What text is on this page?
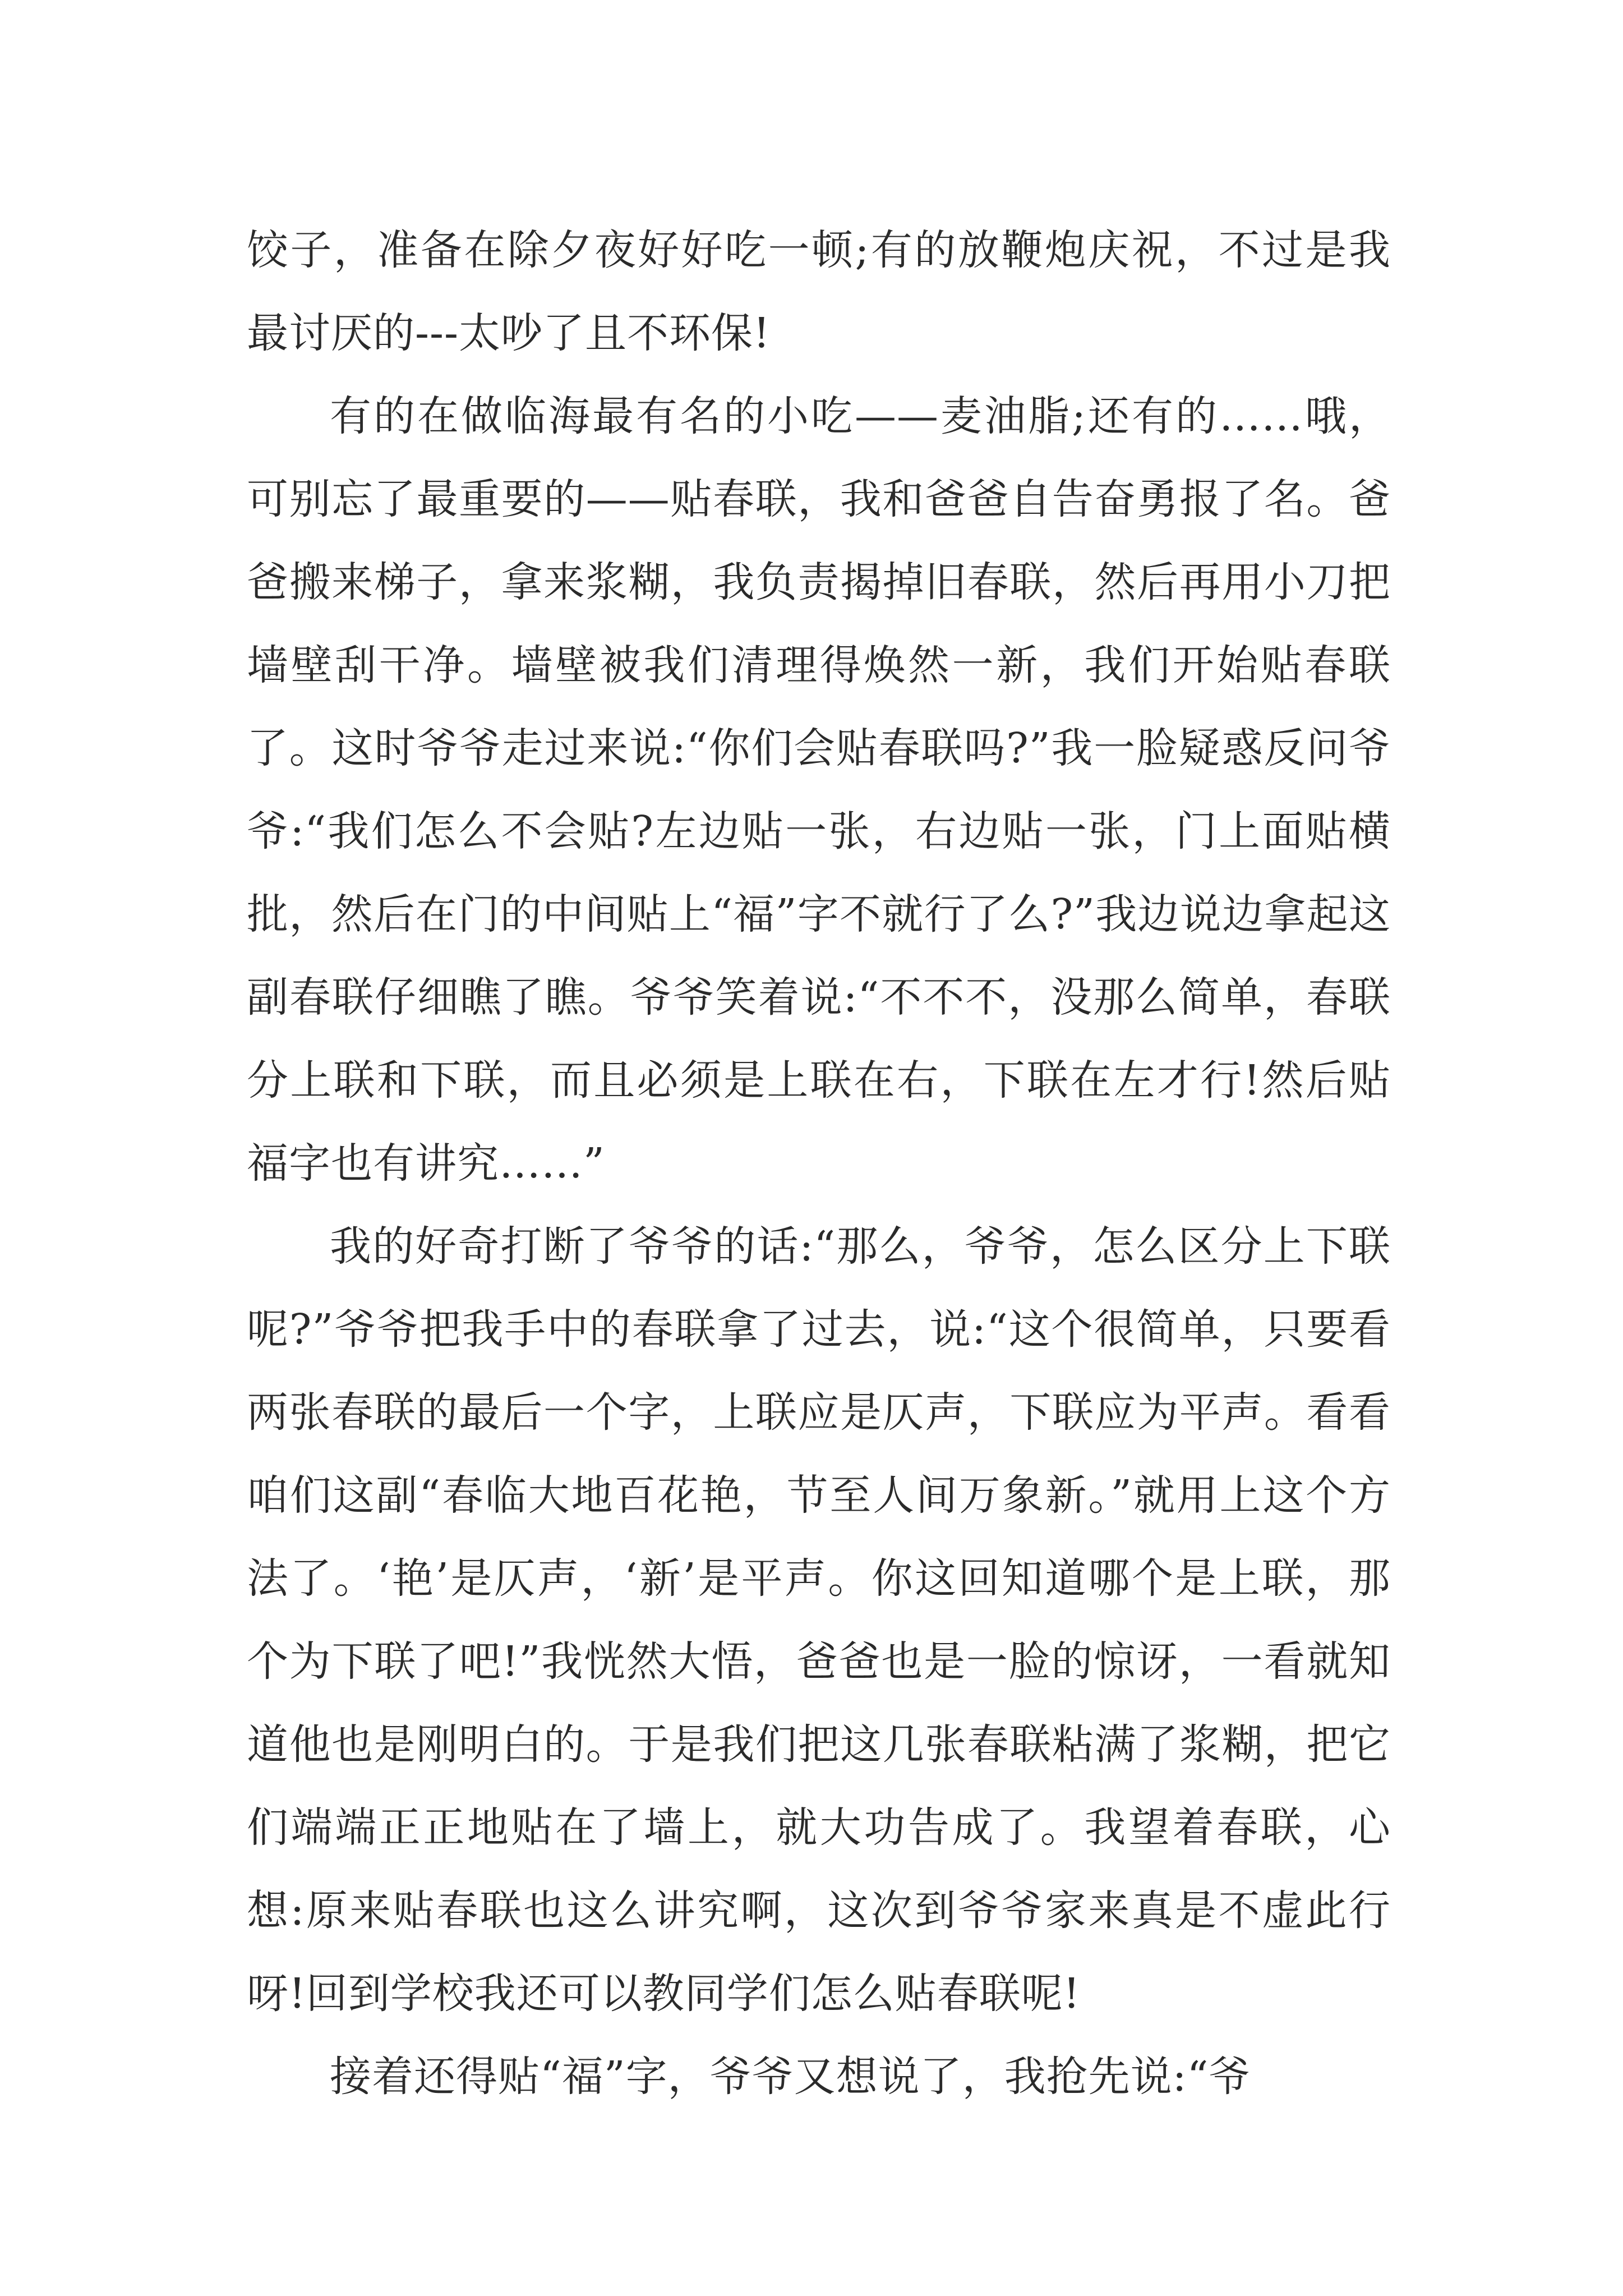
饺子，准备在除夕夜好好吃一顿;有的放鞭炮庆祝，不过是我最讨厌的---太吵了且不环保!

有的在做临海最有名的小吃——麦油脂;还有的……哦，可别忘了最重要的——贴春联，我和爸爸自告奋勇报了名。爸爸搬来梯子，拿来浆糊，我负责揭掉旧春联，然后再用小刀把墙壁刮干净。墙壁被我们清理得焕然一新，我们开始贴春联了。这时爷爷走过来说:“你们会贴春联吗?”我一脸疑惑反问爷爷:“我们怎么不会贴?左边贴一张，右边贴一张，门上面贴横批，然后在门的中间贴上“福”字不就行了么?”我边说边拿起这副春联仔细瞧了瞧。爷爷笑着说:“不不不，没那么简单，春联分上联和下联，而且必须是上联在右，下联在左才行!然后贴福字也有讲究……”

我的好奇打断了爷爷的话:“那么，爷爷，怎么区分上下联呢?”爷爷把我手中的春联拿了过去，说:“这个很简单，只要看两张春联的最后一个字，上联应是仄声，下联应为平声。看看咱们这副“春临大地百花艳，节至人间万象新。”就用上这个方法了。‘艳’是仄声，‘新’是平声。你这回知道哪个是上联，那个为下联了吧!”我恍然大悟，爸爸也是一脸的惊讶，一看就知道他也是刚明白的。于是我们把这几张春联粘满了浆糊，把它们端端正正地贴在了墙上，就大功告成了。我望着春联，心想:原来贴春联也这么讲究啊，这次到爷爷家来真是不虚此行呀!回到学校我还可以教同学们怎么贴春联呢!

接着还得贴“福”字，爷爷又想说了，我抢先说:“爷
